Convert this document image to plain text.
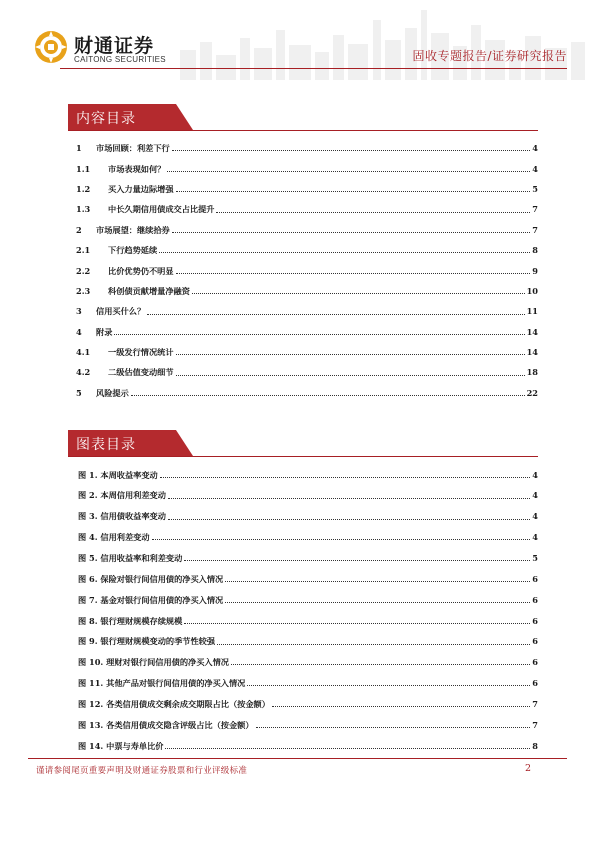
财通证券
CAITONG SECURITIES	固收专题报告/证券研究报告
内容目录
1 市场回顾：利差下行	4
1.1 市场表现如何？	4
1.2 买入力量边际增强	5
1.3 中长久期信用债成交占比提升	7
2 市场展望：继续拾券	7
2.1 下行趋势延续	8
2.2 比价优势仍不明显	9
2.3 科创债贡献增量净融资	10
3 信用买什么？	11
4 附录	14
4.1 一级发行情况统计	14
4.2 二级估值变动细节	18
5 风险提示	22
图表目录
图 1. 本周收益率变动	4
图 2. 本周信用利差变动	4
图 3. 信用债收益率变动	4
图 4. 信用利差变动	4
图 5. 信用收益率和利差变动	5
图 6. 保险对银行间信用债的净买入情况	6
图 7. 基金对银行间信用债的净买入情况	6
图 8. 银行理财规模存续规模	6
图 9. 银行理财规模变动的季节性较强	6
图 10. 理财对银行间信用债的净买入情况	6
图 11. 其他产品对银行间信用债的净买入情况	6
图 12. 各类信用债成交剩余成交期限占比（按金额）	7
图 13. 各类信用债成交隐含评级占比（按金额）	7
图 14. 中票与寿单比价	8
谨请参阅尾页重要声明及财通证券股票和行业评级标准	2
